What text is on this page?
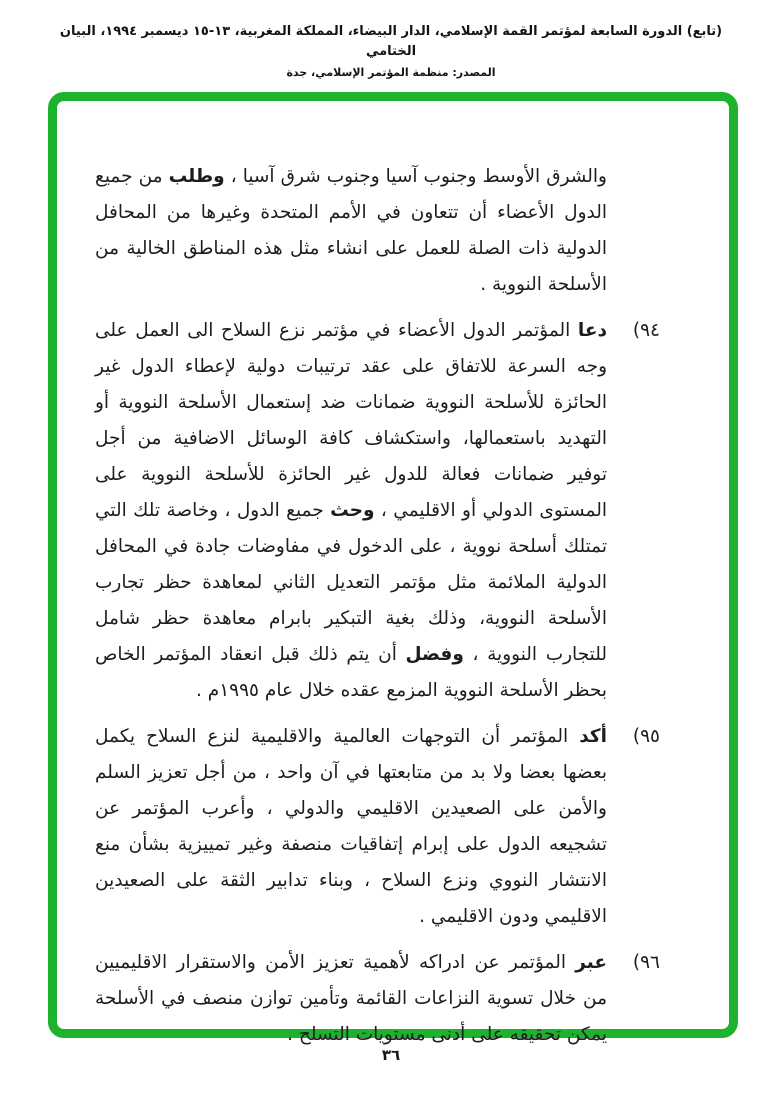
(تابع) الدورة السابعة لمؤتمر القمة الإسلامي، الدار البيضاء، المملكة المغربية، ١٣-١٥ ديسمبر ١٩٩٤، البيان الختامي
المصدر: منظمة المؤتمر الإسلامي، جدة
والشرق الأوسط وجنوب آسيا وجنوب شرق آسيا ، وطلب من جميع الدول الأعضاء أن تتعاون في الأمم المتحدة وغيرها من المحافل الدولية ذات الصلة للعمل على انشاء مثل هذه المناطق الخالية من الأسلحة النووية .
(٩٤
دعا المؤتمر الدول الأعضاء في مؤتمر نزع السلاح الى العمل على وجه السرعة للاتفاق على عقد ترتيبات دولية لإعطاء الدول غير الحائزة للأسلحة النووية ضمانات ضد إستعمال الأسلحة النووية أو التهديد باستعمالها، واستكشاف كافة الوسائل الاضافية من أجل توفير ضمانات فعالة للدول غير الحائزة للأسلحة النووية على المستوى الدولي أو الاقليمي ، وحث جميع الدول ، وخاصة تلك التي تمتلك أسلحة نووية ، على الدخول في مفاوضات جادة في المحافل الدولية الملائمة مثل مؤتمر التعديل الثاني لمعاهدة حظر تجارب الأسلحة النووية، وذلك بغية التبكير بابرام معاهدة حظر شامل للتجارب النووية ، وفضل أن يتم ذلك قبل انعقاد المؤتمر الخاص بحظر الأسلحة النووية المزمع عقده خلال عام ١٩٩٥م .
(٩٥
أكد المؤتمر أن التوجهات العالمية والاقليمية لنزع السلاح يكمل بعضها بعضا ولا بد من متابعتها في آن واحد ، من أجل تعزيز السلم والأمن على الصعيدين الاقليمي والدولي ، وأعرب المؤتمر عن تشجيعه الدول على إبرام إتفاقيات منصفة وغير تمييزية بشأن منع الانتشار النووي ونزع السلاح ، وبناء تدابير الثقة على الصعيدين الاقليمي ودون الاقليمي .
(٩٦
عبر المؤتمر عن ادراكه لأهمية تعزيز الأمن والاستقرار الاقليميين من خلال تسوية النزاعات القائمة وتأمين توازن منصف في الأسلحة يمكن تحقيقه على أدنى مستويات التسلح .
٣٦
